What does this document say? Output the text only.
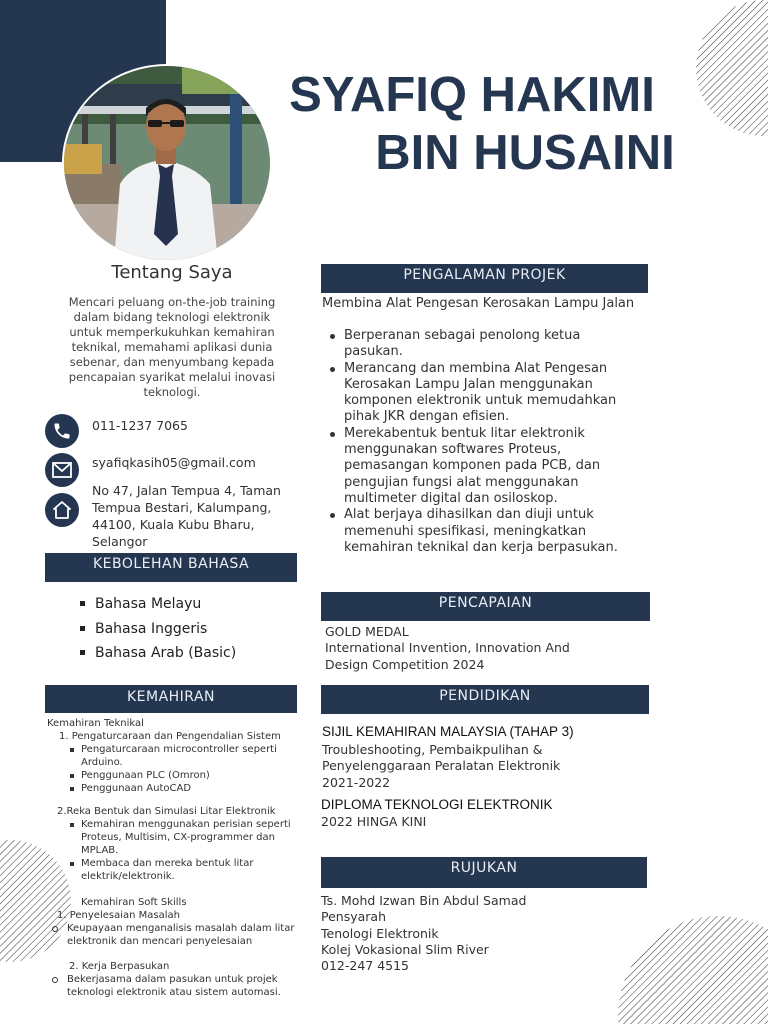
SYAFIQ HAKIMI
BIN HUSAINI
Tentang Saya
Mencari peluang on-the-job training dalam bidang teknologi elektronik untuk memperkukuhkan kemahiran teknikal, memahami aplikasi dunia sebenar, dan menyumbang kepada pencapaian syarikat melalui inovasi teknologi.
011-1237 7065
syafiqkasih05@gmail.com
No 47, Jalan Tempua 4, Taman Tempua Bestari, Kalumpang, 44100, Kuala Kubu Bharu, Selangor
KEBOLEHAN BAHASA
Bahasa Melayu
Bahasa Inggeris
Bahasa Arab (Basic)
KEMAHIRAN
Kemahiran Teknikal
1. Pengaturcaraan dan Pengendalian Sistem
Pengaturcaraan microcontroller seperti Arduino.
Penggunaan PLC (Omron)
Penggunaan AutoCAD
2.Reka Bentuk dan Simulasi Litar Elektronik
Kemahiran menggunakan perisian seperti Proteus, Multisim, CX-programmer dan MPLAB.
Membaca dan mereka bentuk litar elektrik/elektronik.
Kemahiran Soft Skills
1. Penyelesaian Masalah
Keupayaan menganalisis masalah dalam litar elektronik dan mencari penyelesaian
2. Kerja Berpasukan
Bekerjasama dalam pasukan untuk projek teknologi elektronik atau sistem automasi.
PENGALAMAN PROJEK
Membina Alat Pengesan Kerosakan Lampu Jalan
Berperanan sebagai penolong ketua pasukan.
Merancang dan membina Alat Pengesan Kerosakan Lampu Jalan menggunakan komponen elektronik untuk memudahkan pihak JKR dengan efisien.
Merekabentuk bentuk litar elektronik menggunakan softwares Proteus, pemasangan komponen pada PCB, dan pengujian fungsi alat menggunakan multimeter digital dan osiloskop.
Alat berjaya dihasilkan dan diuji untuk memenuhi spesifikasi, meningkatkan kemahiran teknikal dan kerja berpasukan.
PENCAPAIAN
GOLD MEDAL
International Invention, Innovation And
Design Competition 2024
PENDIDIKAN
SIJIL KEMAHIRAN MALAYSIA (TAHAP 3)
Troubleshooting, Pembaikpulihan &
Penyelenggaraan Peralatan Elektronik
2021-2022
DIPLOMA TEKNOLOGI ELEKTRONIK
2022 HINGA KINI
RUJUKAN
Ts. Mohd Izwan Bin Abdul Samad
Pensyarah
Tenologi Elektronik
Kolej Vokasional Slim River
012-247 4515
